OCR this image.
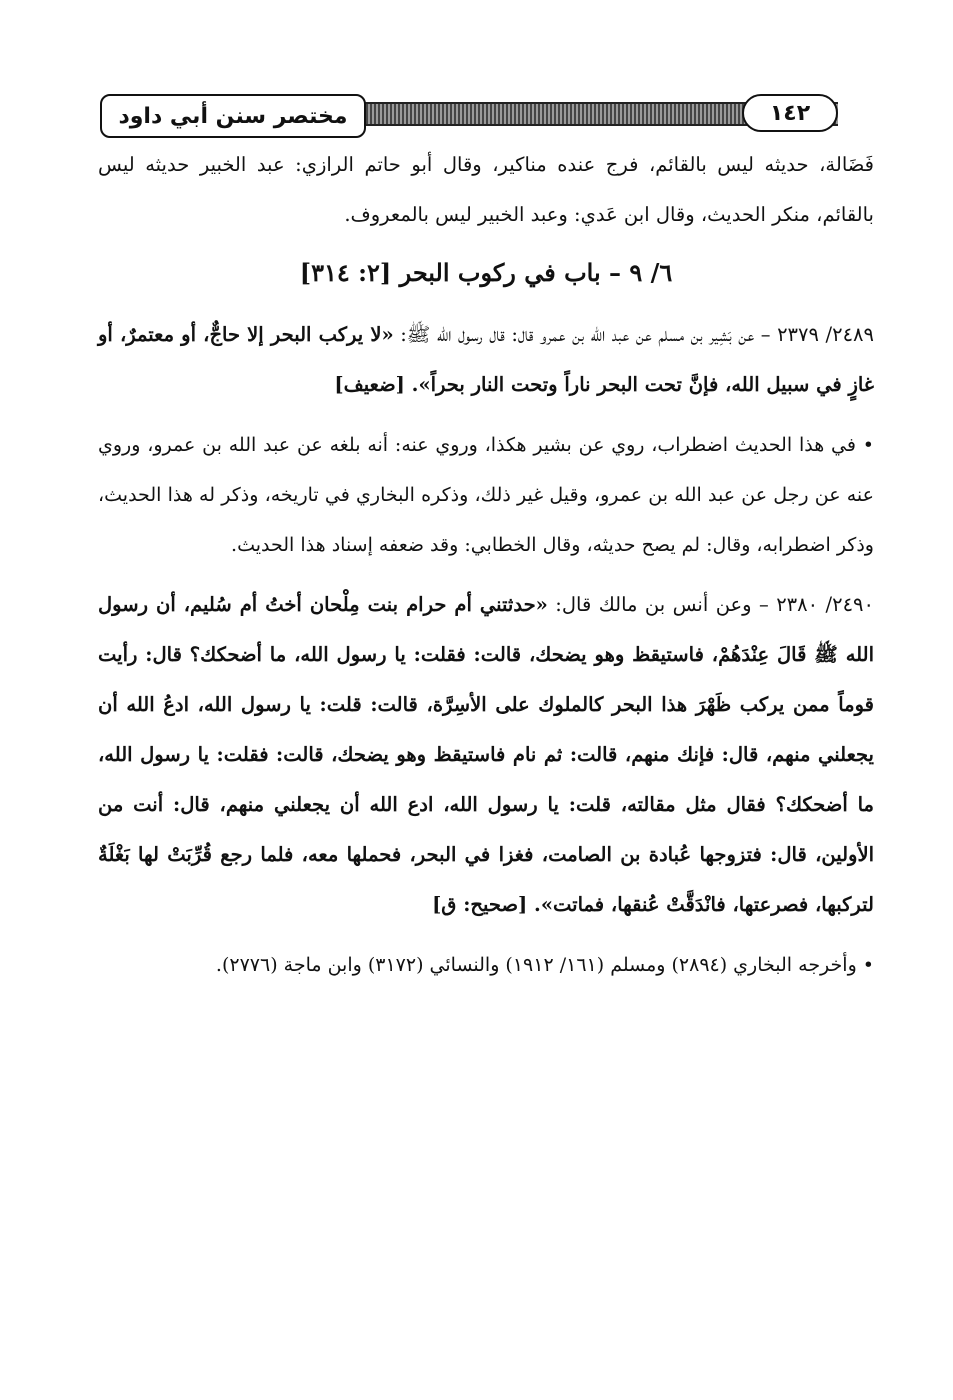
مختصر سنن أبي داود	١٤٢

فَضَالة، حديثه ليس بالقائم، فرج عنده مناكير، وقال أبو حاتم الرازي: عبد الخبير حديثه ليس بالقائم، منكر الحديث، وقال ابن عَدي: وعبد الخبير ليس بالمعروف.

٦/ ٩ – باب في ركوب البحر [٢: ٣١٤]

٢٤٨٩/ ٢٣٧٩ – عن بَشِير بن مسلم عن عبد الله بن عمرو قال: قال رسول الله ﷺ: «لا يركب البحر إلا حاجٌّ، أو معتمرٌ، أو غازٍ في سبيل الله، فإنَّ تحت البحر ناراً وتحت النار بحراً». [ضعيف]

• في هذا الحديث اضطراب، روي عن بشير هكذا، وروي عنه: أنه بلغه عن عبد الله بن عمرو، وروي عنه عن رجل عن عبد الله بن عمرو، وقيل غير ذلك، وذكره البخاري في تاريخه، وذكر له هذا الحديث، وذكر اضطرابه، وقال: لم يصح حديثه، وقال الخطابي: وقد ضعفه إسناد هذا الحديث.

٢٤٩٠/ ٢٣٨٠ – وعن أنس بن مالك قال: «حدثتني أم حرام بنت مِلْحان أختُ أم سُليم، أن رسول الله ﷺ قَالَ عِنْدَهُمْ، فاستيقظ وهو يضحك، قالت: فقلت: يا رسول الله، ما أضحكك؟ قال: رأيت قوماً ممن يركب ظَهْرَ هذا البحر كالملوك على الأسِرَّة، قالت: قلت: يا رسول الله، ادعُ الله أن يجعلني منهم، قال: فإنك منهم، قالت: ثم نام فاستيقظ وهو يضحك، قالت: فقلت: يا رسول الله، ما أضحكك؟ فقال مثل مقالته، قلت: يا رسول الله، ادع الله أن يجعلني منهم، قال: أنت من الأولين، قال: فتزوجها عُبادة بن الصامت، فغزا في البحر، فحملها معه، فلما رجع قُرِّبَتْ لها بَغْلَةٌ لتركبها، فصرعتها، فانْدَقَّتْ عُنقها، فماتت». [صحيح: ق]

• وأخرجه البخاري (٢٨٩٤) ومسلم (١٦١/ ١٩١٢) والنسائي (٣١٧٢) وابن ماجة (٢٧٧٦).
